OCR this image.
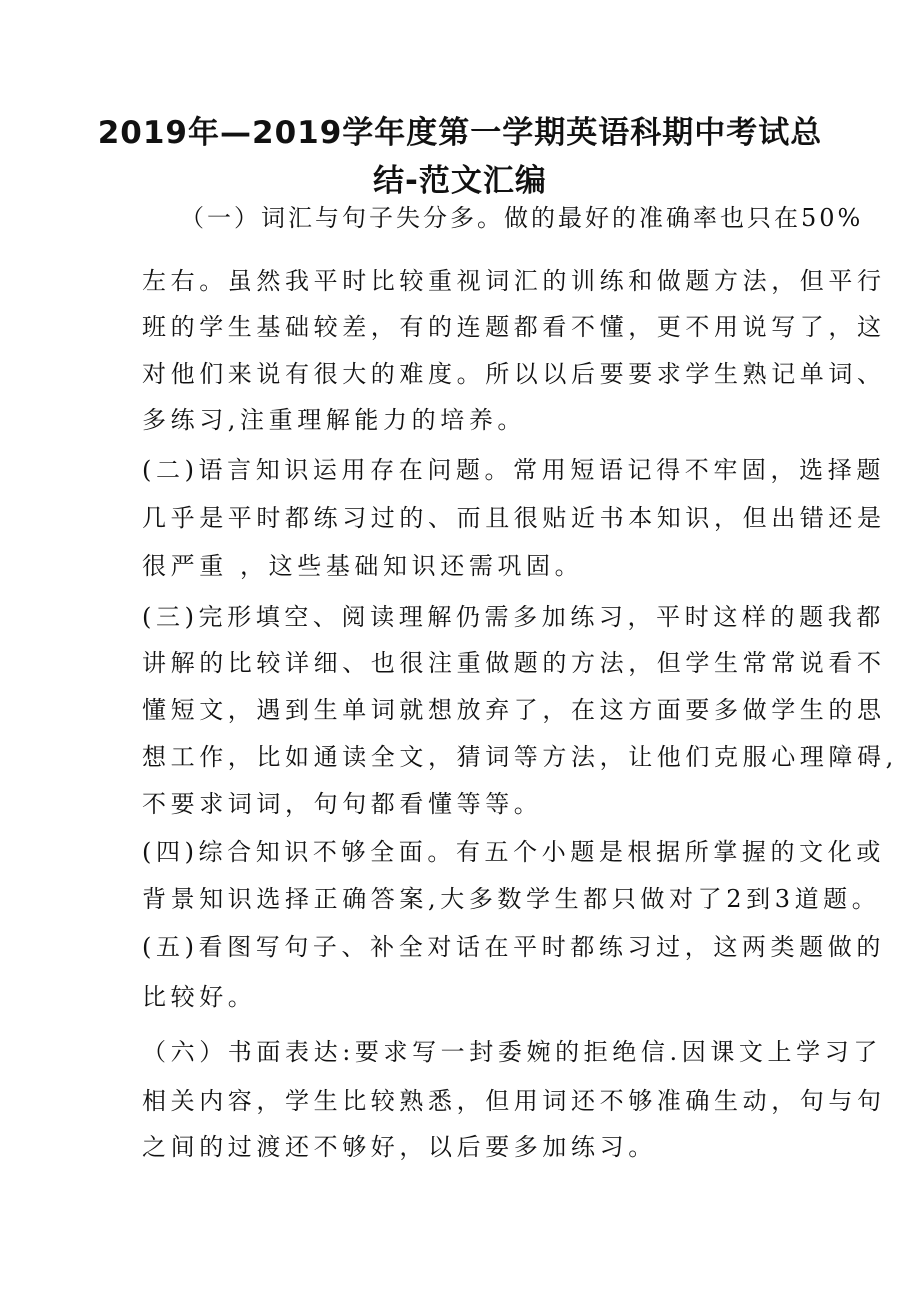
2019年—2019学年度第一学期英语科期中考试总
结-范文汇编
（一）词汇与句子失分多。做的最好的准确率也只在50%
左右。虽然我平时比较重视词汇的训练和做题方法，但平行
班的学生基础较差，有的连题都看不懂，更不用说写了，这
对他们来说有很大的难度。所以以后要要求学生熟记单词、
多练习,注重理解能力的培养。
(二)语言知识运用存在问题。常用短语记得不牢固，选择题
几乎是平时都练习过的、而且很贴近书本知识，但出错还是
很严重 ，这些基础知识还需巩固。
(三)完形填空、阅读理解仍需多加练习，平时这样的题我都
讲解的比较详细、也很注重做题的方法，但学生常常说看不
懂短文，遇到生单词就想放弃了，在这方面要多做学生的思
想工作，比如通读全文，猜词等方法，让他们克服心理障碍,
不要求词词，句句都看懂等等。
(四)综合知识不够全面。有五个小题是根据所掌握的文化或
背景知识选择正确答案,大多数学生都只做对了2到3道题。
(五)看图写句子、补全对话在平时都练习过，这两类题做的
比较好。
（六）书面表达:要求写一封委婉的拒绝信.因课文上学习了
相关内容，学生比较熟悉，但用词还不够准确生动，句与句
之间的过渡还不够好，以后要多加练习。
